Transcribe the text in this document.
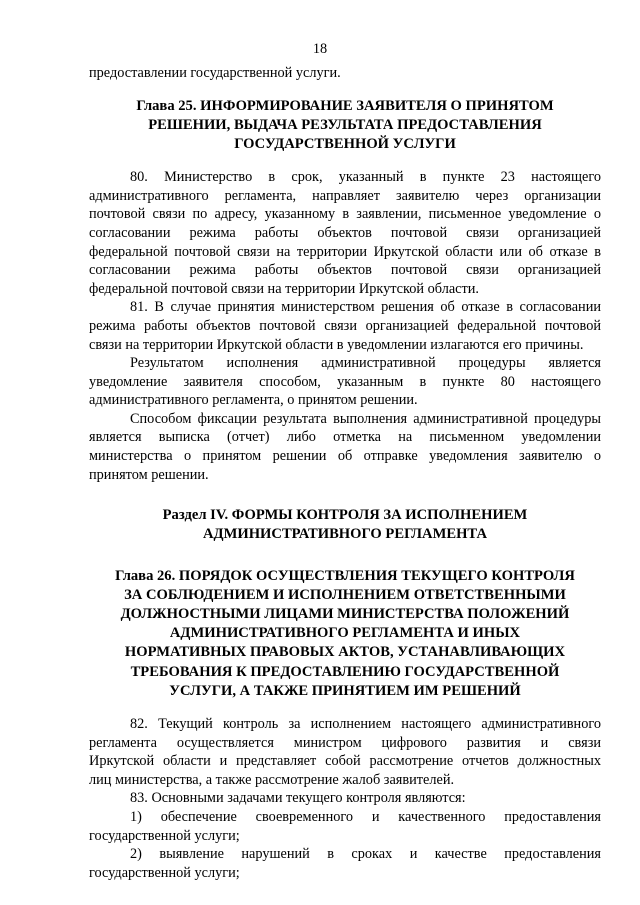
18
предоставлении государственной услуги.
Глава 25. ИНФОРМИРОВАНИЕ ЗАЯВИТЕЛЯ О ПРИНЯТОМ
РЕШЕНИИ, ВЫДАЧА РЕЗУЛЬТАТА ПРЕДОСТАВЛЕНИЯ
ГОСУДАРСТВЕННОЙ УСЛУГИ
80. Министерство в срок, указанный в пункте 23 настоящего
административного регламента, направляет заявителю через организации
почтовой связи по адресу, указанному в заявлении, письменное уведомление о
согласовании режима работы объектов почтовой связи организацией
федеральной почтовой связи на территории Иркутской области или об отказе в
согласовании режима работы объектов почтовой связи организацией
федеральной почтовой связи на территории Иркутской области.
81. В случае принятия министерством решения об отказе в согласовании
режима работы объектов почтовой связи организацией федеральной почтовой
связи на территории Иркутской области в уведомлении излагаются его причины.
Результатом исполнения административной процедуры является
уведомление заявителя способом, указанным в пункте 80 настоящего
административного регламента, о принятом решении.
Способом фиксации результата выполнения административной процедуры
является выписка (отчет) либо отметка на письменном уведомлении
министерства о принятом решении об отправке уведомления заявителю о
принятом решении.
Раздел IV. ФОРМЫ КОНТРОЛЯ ЗА ИСПОЛНЕНИЕМ
АДМИНИСТРАТИВНОГО РЕГЛАМЕНТА
Глава 26. ПОРЯДОК ОСУЩЕСТВЛЕНИЯ ТЕКУЩЕГО КОНТРОЛЯ
ЗА СОБЛЮДЕНИЕМ И ИСПОЛНЕНИЕМ ОТВЕТСТВЕННЫМИ
ДОЛЖНОСТНЫМИ ЛИЦАМИ МИНИСТЕРСТВА ПОЛОЖЕНИЙ
АДМИНИСТРАТИВНОГО РЕГЛАМЕНТА И ИНЫХ
НОРМАТИВНЫХ ПРАВОВЫХ АКТОВ, УСТАНАВЛИВАЮЩИХ
ТРЕБОВАНИЯ К ПРЕДОСТАВЛЕНИЮ ГОСУДАРСТВЕННОЙ
УСЛУГИ, А ТАКЖЕ ПРИНЯТИЕМ ИМ РЕШЕНИЙ
82. Текущий контроль за исполнением настоящего административного
регламента осуществляется министром цифрового развития и связи
Иркутской области и представляет собой рассмотрение отчетов должностных
лиц министерства, а также рассмотрение жалоб заявителей.
83. Основными задачами текущего контроля являются:
1) обеспечение своевременного и качественного предоставления
государственной услуги;
2) выявление нарушений в сроках и качестве предоставления
государственной услуги;
